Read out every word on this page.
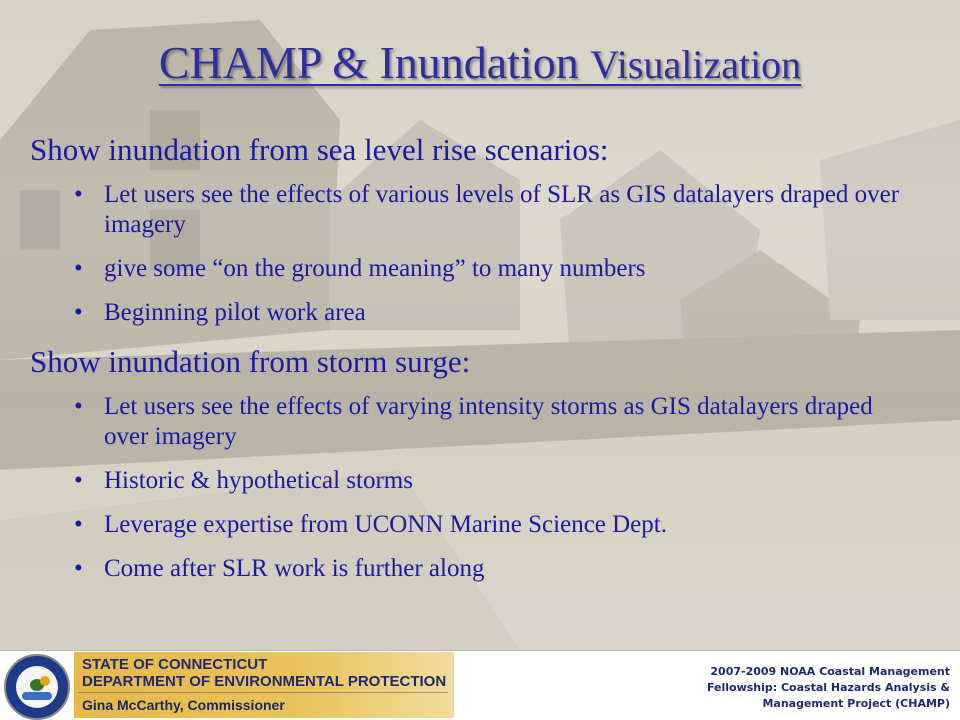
CHAMP & Inundation Visualization

Show inundation from sea level rise scenarios:

• Let users see the effects of various levels of SLR as GIS datalayers draped over imagery
• give some “on the ground meaning” to many numbers
• Beginning pilot work area

Show inundation from storm surge:

• Let users see the effects of varying intensity storms as GIS datalayers draped over imagery
• Historic & hypothetical storms
• Leverage expertise from UCONN Marine Science Dept.
• Come after SLR work is further along
STATE OF CONNECTICUT
DEPARTMENT OF ENVIRONMENTAL PROTECTION
Gina McCarthy, Commissioner
2007-2009 NOAA Coastal Management
Fellowship: Coastal Hazards Analysis &
Management Project (CHAMP)
